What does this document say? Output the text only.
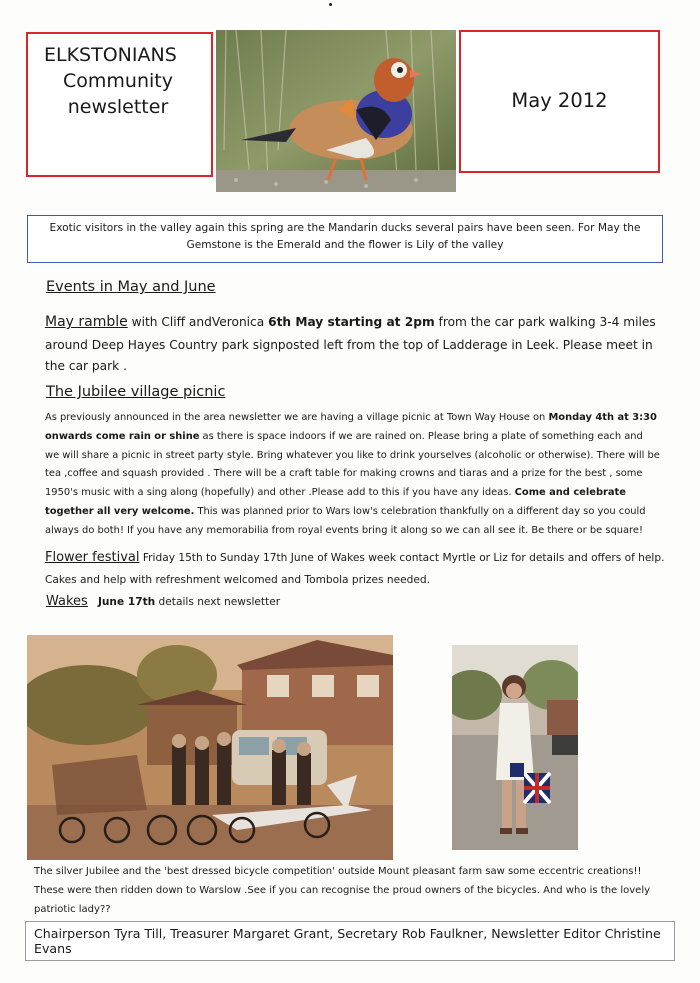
ELKSTONIANS
Community
newsletter	May 2012
Exotic visitors in the valley again this spring are the Mandarin ducks several pairs have been seen. For May the Gemstone is the Emerald and the flower is Lily of the valley
Events in May and June
May ramble with Cliff andVeronica 6th May starting at 2pm from the car park walking 3-4 miles around Deep Hayes Country park signposted left from the top of Ladderage in Leek. Please meet in the car park .
The Jubilee village picnic
As previously announced in the area newsletter we are having a village picnic at Town Way House on Monday 4th at 3:30 onwards come rain or shine as there is space indoors if we are rained on. Please bring a plate of something each and we will share a picnic in street party style. Bring whatever you like to drink yourselves (alcoholic or otherwise). There will be tea ,coffee and squash provided . There will be a craft table for making crowns and tiaras and a prize for the best , some 1950's music with a sing along (hopefully) and other .Please add to this if you have any ideas. Come and celebrate together all very welcome. This was planned prior to Wars low's celebration thankfully on a different day so you could always do both! If you have any memorabilia from royal events bring it along so we can all see it. Be there or be square!
Flower festival Friday 15th to Sunday 17th June of Wakes week contact Myrtle or Liz for details and offers of help. Cakes and help with refreshment welcomed and Tombola prizes needed.
Wakes June 17th details next newsletter
The silver Jubilee and the 'best dressed bicycle competition' outside Mount pleasant farm saw some eccentric creations!! These were then ridden down to Warslow .See if you can recognise the proud owners of the bicycles. And who is the lovely patriotic lady??
Chairperson Tyra Till, Treasurer Margaret Grant, Secretary Rob Faulkner, Newsletter Editor Christine Evans
